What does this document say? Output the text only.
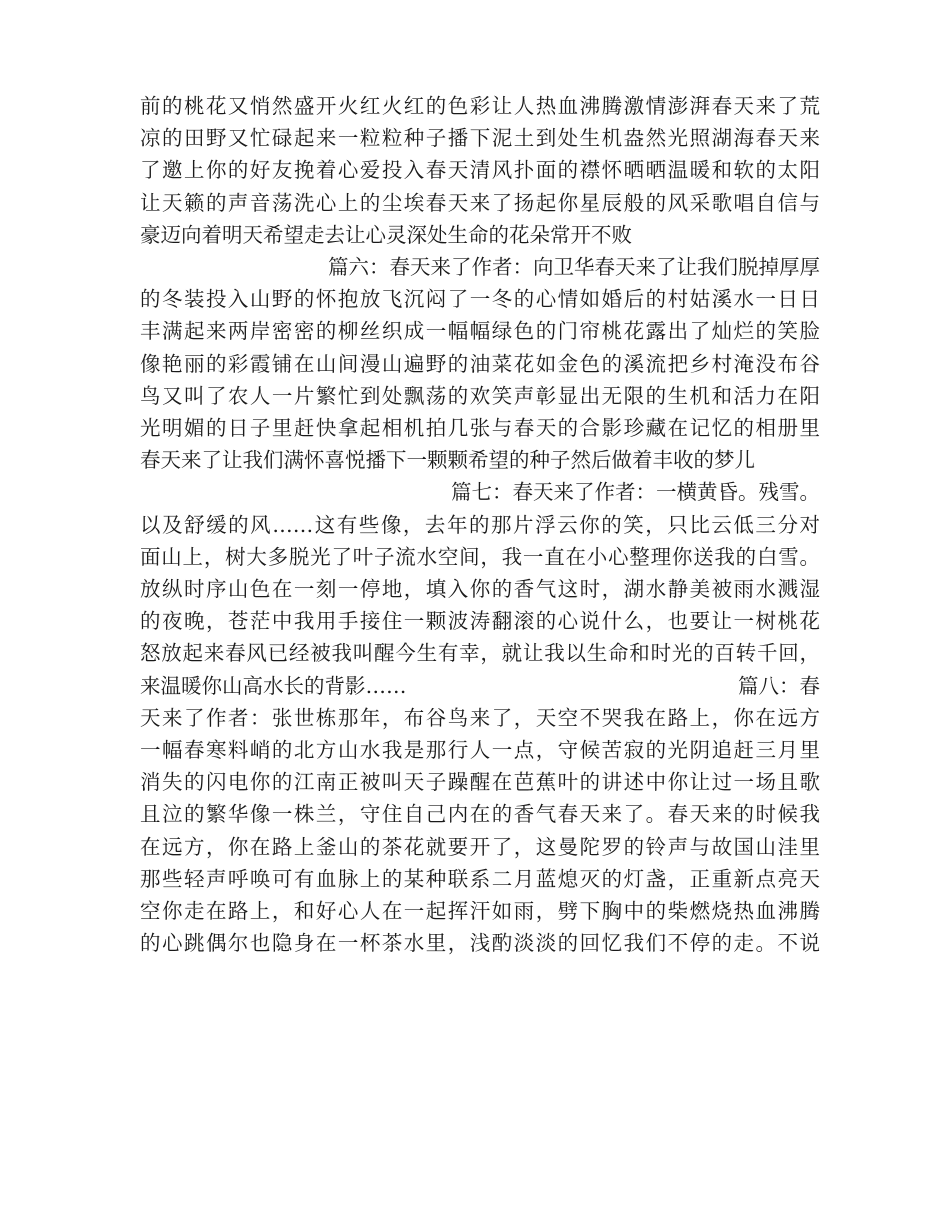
前的桃花又悄然盛开火红火红的色彩让人热血沸腾激情澎湃春天来了荒
凉的田野又忙碌起来一粒粒种子播下泥土到处生机盎然光照湖海春天来
了邀上你的好友挽着心爱投入春天清风扑面的襟怀晒晒温暖和软的太阳
让天籁的声音荡洗心上的尘埃春天来了扬起你星辰般的风采歌唱自信与
豪迈向着明天希望走去让心灵深处生命的花朵常开不败
篇六：春天来了作者：向卫华春天来了让我们脱掉厚厚
的冬装投入山野的怀抱放飞沉闷了一冬的心情如婚后的村姑溪水一日日
丰满起来两岸密密的柳丝织成一幅幅绿色的门帘桃花露出了灿烂的笑脸
像艳丽的彩霞铺在山间漫山遍野的油菜花如金色的溪流把乡村淹没布谷
鸟又叫了农人一片繁忙到处飘荡的欢笑声彰显出无限的生机和活力在阳
光明媚的日子里赶快拿起相机拍几张与春天的合影珍藏在记忆的相册里
春天来了让我们满怀喜悦播下一颗颗希望的种子然后做着丰收的梦儿
篇七：春天来了作者：一横黄昏。残雪。
以及舒缓的风……这有些像，去年的那片浮云你的笑，只比云低三分对
面山上，树大多脱光了叶子流水空间，我一直在小心整理你送我的白雪。
放纵时序山色在一刻一停地，填入你的香气这时，湖水静美被雨水溅湿
的夜晚，苍茫中我用手接住一颗波涛翻滚的心说什么，也要让一树桃花
怒放起来春风已经被我叫醒今生有幸，就让我以生命和时光的百转千回，
来温暖你山高水长的背影……	篇八：春
天来了作者：张世栋那年，布谷鸟来了，天空不哭我在路上，你在远方
一幅春寒料峭的北方山水我是那行人一点，守候苦寂的光阴追赶三月里
消失的闪电你的江南正被叫天子躁醒在芭蕉叶的讲述中你让过一场且歌
且泣的繁华像一株兰，守住自己内在的香气春天来了。春天来的时候我
在远方，你在路上釜山的茶花就要开了，这曼陀罗的铃声与故国山洼里
那些轻声呼唤可有血脉上的某种联系二月蓝熄灭的灯盏，正重新点亮天
空你走在路上，和好心人在一起挥汗如雨，劈下胸中的柴燃烧热血沸腾
的心跳偶尔也隐身在一杯茶水里，浅酌淡淡的回忆我们不停的走。不说
